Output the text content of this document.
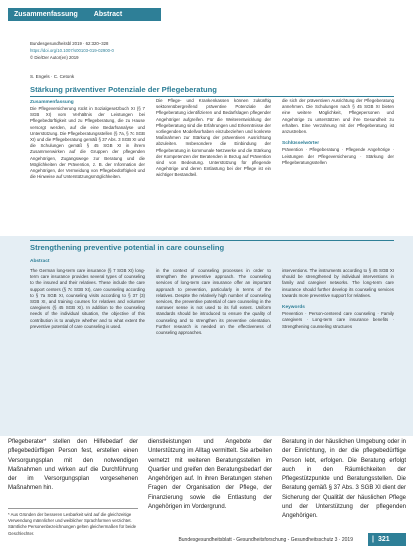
Zusammenfassung	Abstract
Bundesgesundheitsbl 2019 · 62:320–328
https://doi.org/10.1007/s00103-019-02900-0
© Die/Der Autor(en) 2019
S. Engels · C. Cetonk
Stärkung präventiver Potenziale der Pflegeberatung
Zusammenfassung
Die Pflegeversicherung rückt in Sozialgesetzbuch XI (§ 7 SGB XI) vom Verhältnis der Leistungen bei Pflegebedürftigkeit und zu Pflegeberatung, die zu Hause versorgt werden, auf die eine Bedarfsanalyse und Unterstützung. Die Pflegeberatungsstellen (§ 7a, § 7c SGB XI) und die Pflegeberatung gemäß § 37 Abs. 3 SGB XI und die Schulungen gemäß § 45 SGB XI in ihrem Zusammenwirken auf die Gruppen der pflegenden Angehörigen, Zugangswege zur Beratung und die Möglichkeiten der Prävention, z. B. der Information der Angehörigen, der Vermeidung von Pflegebedürftigkeit und die Hinweise auf Unterstützungsmöglichkeiten.
Die Pflege- und Krankenkassen können zukünftig sektorenübergreifend präventive Potenziale der Pflegeberatung identifizieren und Bedarfslagen pflegender Angehöriger aufgreifen. Für die Weiterentwicklung der Pflegeberatung sind die Erfahrungen und Erkenntnisse der vorliegenden Modellvorhaben einzubeziehen und konkrete Maßnahmen zur Stärkung der präventiven Ausrichtung abzuleiten. Insbesondere die Einbindung der Pflegeberatung in kommunale Netzwerke und die Stärkung der Kompetenzen der Beratenden in Bezug auf Prävention sind von Bedeutung. Unterstützung für pflegende Angehörige und deren Entlastung bei der Pflege ist ein wichtiger Bestandteil.
die sich der präventiven Ausrichtung der Pflegeberatung annehmen. Die Schulungen nach § 45 SGB XI bieten eine weitere Möglichkeit, Pflegepersonen und Angehörige zu unterstützen und ihre Gesundheit zu erhalten. Eine Verzahnung mit der Pflegeberatung ist anzustreben.
Schlüsselwörter
Prävention · Pflegeberatung · Pflegende Angehörige · Leistungen der Pflegeversicherung · Stärkung der Pflegeberatungsstellen
Strengthening preventive potential in care counseling
Abstract
The German long-term care insurance (§ 7 SGB XI) long-term care insurance provides several types of counseling to the insured and their relatives. These include the care support centers (§ 7c SGB XI), care counseling according to § 7a SGB XI, counseling visits according to § 37 (3) SGB XI, and training courses for relatives and volunteer caregivers (§ 45 SGB XI). In addition to the counseling needs of the individual situation, the objective of this contribution is to analyze whether and to what extent the preventive potential of care counseling is used.
in the context of counseling processes in order to strengthen the preventive approach. The counseling services of long-term care insurance offer an important approach to prevention, particularly in terms of the relatives. Despite the relatively high number of counseling services, the preventive potential of care counseling in the narrower sense is not used to its full extent. Uniform standards should be introduced to ensure the quality of counseling and to strengthen its preventive orientation. Further research is needed on the effectiveness of counseling approaches.
interventions. The instruments according to § 45 SGB XI should be strengthened by individual interventions in family and caregiver networks. The long-term care insurance should further develop its counseling services towards more preventive support for relatives.
Keywords
Prevention · Person-centered care counseling · Family caregivers · Long-term care insurance benefits · Strengthening counseling structures
Pflegeberater* stellen den Hilfebedarf der pflegebedürftigen Person fest, erstellen einen Versorgungsplan mit den notwendigen Maßnahmen und wirken auf die Durchführung der im Versorgungsplan vorgesehenen Maßnahmen hin.
dienstleistungen und Angebote der Unterstützung im Alltag vermittelt. Sie arbeiten vernetzt mit weiteren Beratungsstellen im Quartier und greifen den Beratungsbedarf der Angehörigen auf. In ihren Beratungen stehen Fragen der Organisation der Pflege, der Finanzierung sowie die Entlastung der Angehörigen im Vordergrund.
Beratung in der häuslichen Umgebung oder in der Einrichtung, in der die pflegebedürftige Person lebt, erfolgen. Die Beratung erfolgt auch in den Räumlichkeiten der Pflegestützpunkte und Beratungsstellen. Die Beratung gemäß § 37 Abs. 3 SGB XI dient der Sicherung der Qualität der häuslichen Pflege und der Unterstützung der pflegenden Angehörigen.
* Aus Gründen der besseren Lesbarkeit wird auf die gleichzeitige Verwendung männlicher und weiblicher Sprachformen verzichtet. Sämtliche Personenbezeichnungen gelten gleichermaßen für beide Geschlechter.
Bundesgesundheitsblatt - Gesundheitsforschung - Gesundheitsschutz 3 · 2019	| 321
